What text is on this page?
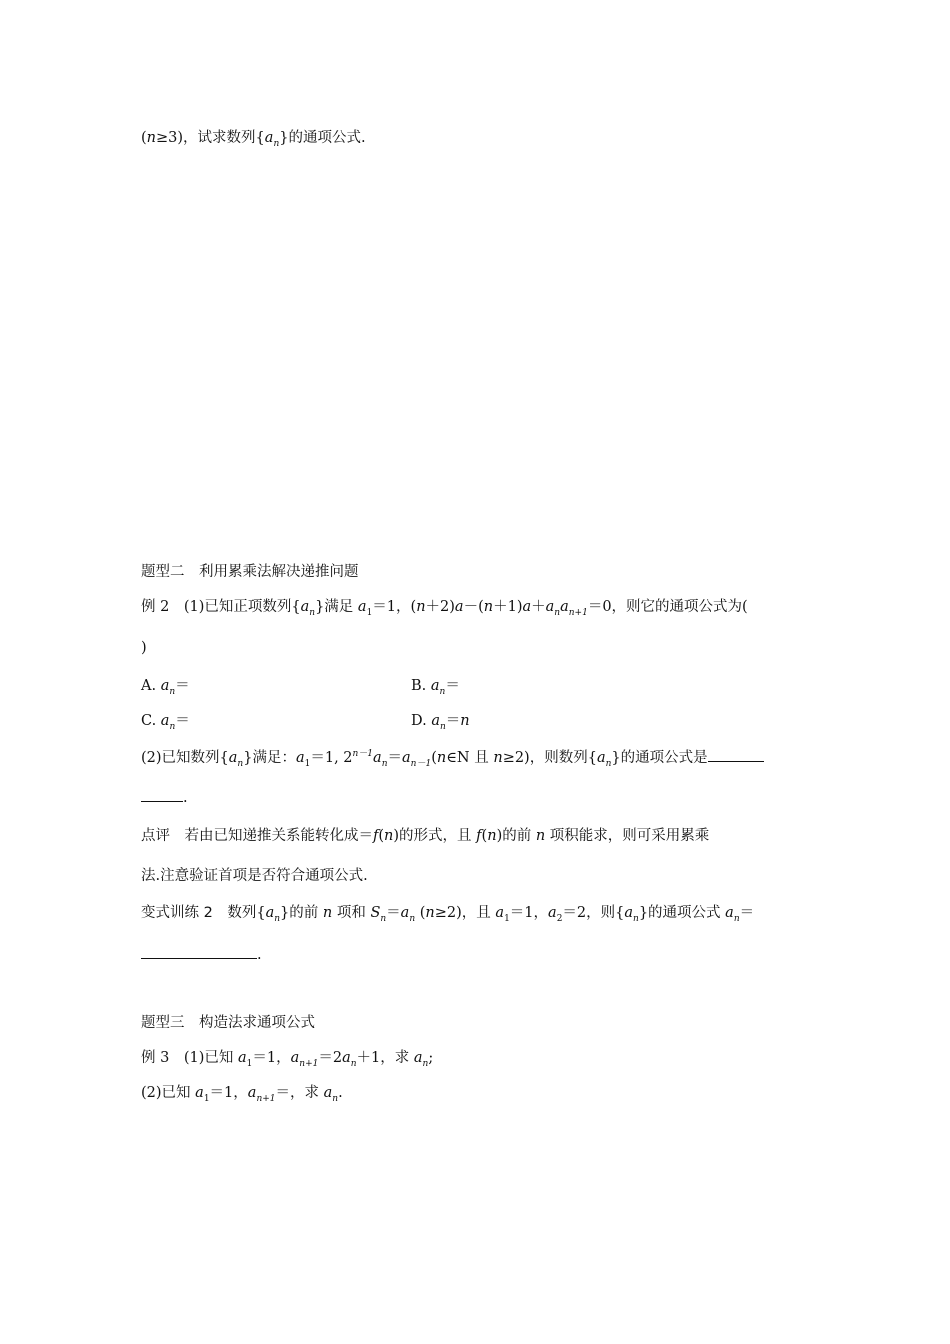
(n≥3)，试求数列$\{a_n\}$的通项公式.
题型二　利用累乘法解决递推问题
例 2　 (1)已知正项数列$\{a_n\}$满足 $a_1=1$，$(n+2)a-(n+1)a+a_na_{n+1}=0$，则它的通项公式为(
)
A. $a_n=$	B. $a_n=$
C. $a_n=$	D. $a_n=n$
(2)已知数列$\{a_n\}$满足：$a_1=1$, $2^{n-1}a_n=a_{n-1}(n\in N$ 且 n≥2)，则数列$\{a_n\}$的通项公式是
.
点评　若由已知递推关系能转化成＝f(n)的形式，且 f(n)的前 n 项积能求，则可采用累乘
法.注意验证首项是否符合通项公式.
变式训练 2　数列$\{a_n\}$的前 n 项和 $S_n=a_n$ (n≥2)，且 $a_1=1$，$a_2=2$，则$\{a_n\}$的通项公式 $a_n=$
.
题型三　构造法求通项公式
例 3　(1)已知 $a_1=1$，$a_{n+1}=2a_n+1$，求 $a_n$;
(2)已知 $a_1=1$，$a_{n+1}=$，求 $a_n$.
